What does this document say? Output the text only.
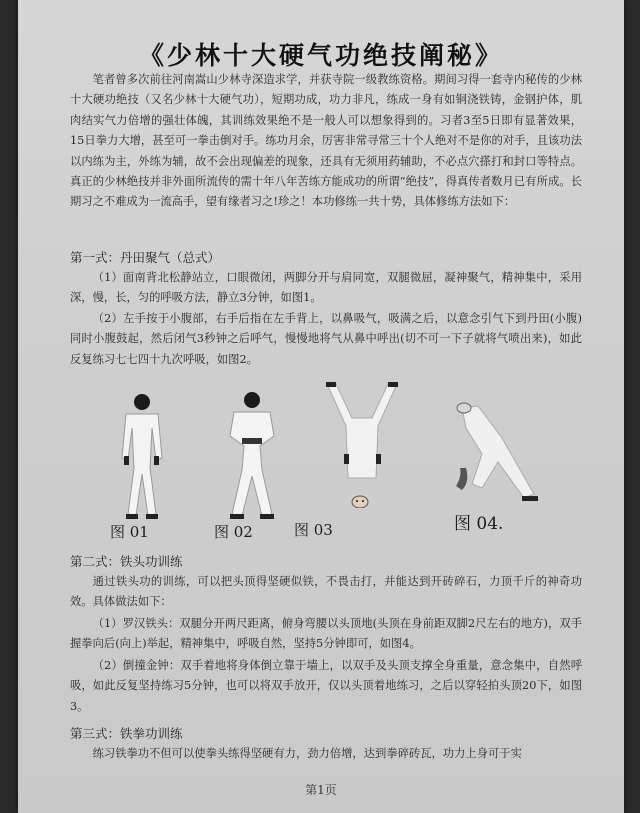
《少林十大硬气功绝技阐秘》

笔者曾多次前往河南嵩山少林寺深造求学，并获寺院一级教练资格。期间习得一套寺内秘传的少林十大硬功绝技（又名少林十大硬气功），短期功成，功力非凡，练成一身有如铜浇铁铸，金钢护体，肌肉结实气力倍增的强壮体魄，其训练效果绝不是一般人可以想象得到的。习者3至5日即有显著效果，15日拳力大增，甚至可一拳击倒对手。练功月余，厉害非常寻常三十个人绝对不是你的对手，且该功法以内练为主，外练为辅，故不会出现偏差的现象，还具有无须用药辅助，不必点穴搽打和封口等特点。真正的少林绝技并非外面所流传的需十年八年苦练方能成功的所谓“绝技”，得真传者数月已有所成。长期习之不难成为一流高手，望有缘者习之!珍之！本功修练一共十势，具体修练方法如下：

第一式：丹田聚气（总式）

（1）面南背北松静站立，口眼微闭，两脚分开与肩同宽，双腿微屈，凝神聚气，精神集中，采用深，慢，长，匀的呼吸方法，静立3分钟，如图1。

（2）左手按于小腹部，右手后指在左手背上，以鼻吸气，吸满之后，以意念引气下到丹田(小腹)同时小腹鼓起，然后闭气3秒钟之后呼气，慢慢地将气从鼻中呼出(切不可一下子就将气喷出来)，如此反复练习七七四十九次呼吸，如图2。

图 01	图 02	图 03	图 04.

第二式：铁头功训练

通过铁头功的训练，可以把头顶得坚硬似铁，不畏击打，并能达到开砖碎石，力顶千斤的神奇功效。具体做法如下：

（1）罗汉铁头：双腿分开两尺距离，俯身弯腰以头顶地(头顶在身前距双脚2尺左右的地方)，双手握拳向后(向上)举起，精神集中，呼吸自然，坚持5分钟即可，如图4。

（2）倒撞金钟：双手着地将身体倒立靠于墙上，以双手及头顶支撑全身重量，意念集中，自然呼吸，如此反复坚持练习5分钟，也可以将双手放开，仅以头顶着地练习，之后以穿轻拍头顶20下，如图3。

第三式：铁拳功训练

练习铁拳功不但可以使拳头练得坚硬有力，劲力倍增，达到拳碎砖瓦，功力上身可于实

第1页
